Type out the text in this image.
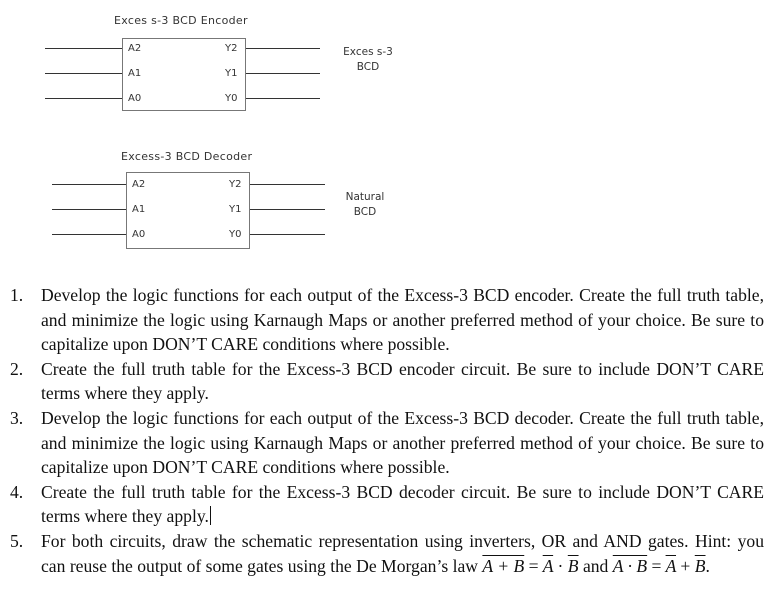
Exces s-3 BCD Encoder
A2
A1
A0
Y2
Y1
Y0
Exces s-3
BCD
Excess-3 BCD Decoder
A2
A1
A0
Y2
Y1
Y0
Natural
BCD
1. Develop the logic functions for each output of the Excess-3 BCD encoder. Create the full truth table, and minimize the logic using Karnaugh Maps or another preferred method of your choice. Be sure to capitalize upon DON’T CARE conditions where possible.
2. Create the full truth table for the Excess-3 BCD encoder circuit. Be sure to include DON’T CARE terms where they apply.
3. Develop the logic functions for each output of the Excess-3 BCD decoder. Create the full truth table, and minimize the logic using Karnaugh Maps or another preferred method of your choice. Be sure to capitalize upon DON’T CARE conditions where possible.
4. Create the full truth table for the Excess-3 BCD decoder circuit. Be sure to include DON’T CARE terms where they apply.
5. For both circuits, draw the schematic representation using inverters, OR and AND gates. Hint: you can reuse the output of some gates using the De Morgan’s law $A + B = \overline{A} \cdot \overline{B}$ and $A \cdot B = \overline{A} + \overline{B}$.
